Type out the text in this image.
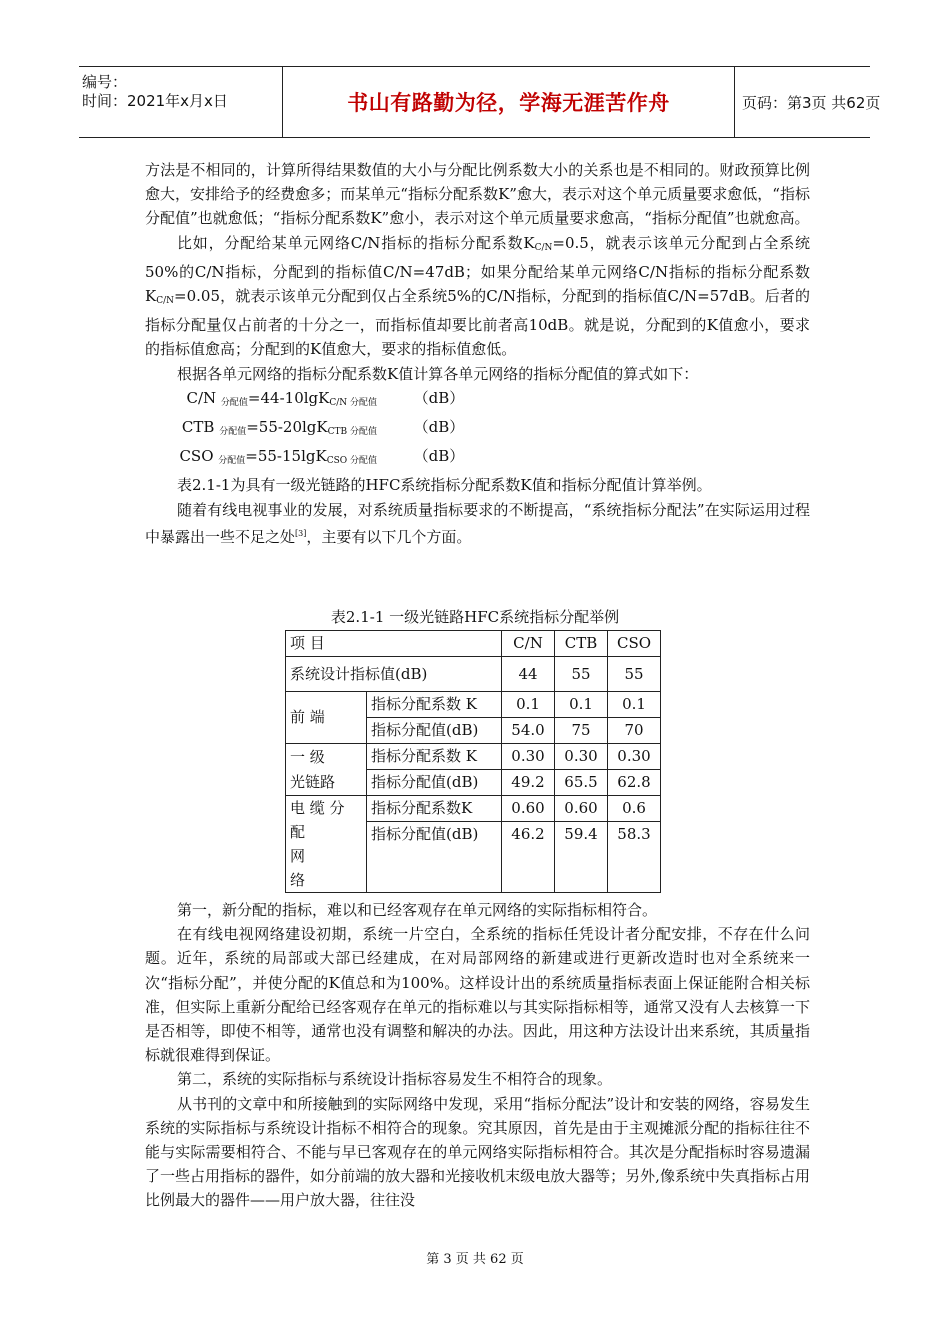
编号：
时间：2021年x月x日	书山有路勤为径，学海无涯苦作舟	页码：第3页 共62页

方法是不相同的，计算所得结果数值的大小与分配比例系数大小的关系也是不相同的。财政预算比例愈大，安排给予的经费愈多；而某单元“指标分配系数K”愈大，表示对这个单元质量要求愈低，“指标分配值”也就愈低；“指标分配系数K”愈小，表示对这个单元质量要求愈高，“指标分配值”也就愈高。

比如，分配给某单元网络C/N指标的指标分配系数$K_{C/N}=0.5$，就表示该单元分配到占全系统50%的C/N指标，分配到的指标值C/N=47dB；如果分配给某单元网络C/N指标的指标分配系数$K_{C/N}=0.05$，就表示该单元分配到仅占全系统5%的C/N指标，分配到的指标值C/N=57dB。后者的指标分配量仅占前者的十分之一，而指标值却要比前者高10dB。就是说，分配到的K值愈小，要求的指标值愈高；分配到的K值愈大，要求的指标值愈低。

根据各单元网络的指标分配系数K值计算各单元网络的指标分配值的算式如下：

C/N 分配值=44-10lgKC/N 分配值	（dB）
CTB 分配值=55-20lgKCTB 分配值	（dB）
CSO 分配值=55-15lgKCSO 分配值	（dB）

表2.1-1为具有一级光链路的HFC系统指标分配系数K值和指标分配值计算举例。

随着有线电视事业的发展，对系统质量指标要求的不断提高，“系统指标分配法”在实际运用过程中暴露出一些不足之处[3]，主要有以下几个方面。

表2.1-1 一级光链路HFC系统指标分配举例
项 目		C/N	CTB	CSO
系统设计指标值(dB)		44	55	55
前 端	指标分配系数 K	0.1	0.1	0.1
	指标分配值(dB)	54.0	75	70

一 级
光链路	指标分配系数 K	0.30	0.30	0.30
	指标分配值(dB)	49.2	65.5	62.8

电 缆 分
配
网
络	指标分配系数K	0.60	0.60	0.6
	指标分配值(dB)	46.2	59.4	58.3

第一，新分配的指标，难以和已经客观存在单元网络的实际指标相符合。

在有线电视网络建设初期，系统一片空白，全系统的指标任凭设计者分配安排，不存在什么问题。近年，系统的局部或大部已经建成，在对局部网络的新建或进行更新改造时也对全系统来一次“指标分配”，并使分配的K值总和为100%。这样设计出的系统质量指标表面上保证能附合相关标准，但实际上重新分配给已经客观存在单元的指标难以与其实际指标相等，通常又没有人去核算一下是否相等，即使不相等，通常也没有调整和解决的办法。因此，用这种方法设计出来系统，其质量指标就很难得到保证。

第二，系统的实际指标与系统设计指标容易发生不相符合的现象。

从书刊的文章中和所接触到的实际网络中发现，采用“指标分配法”设计和安装的网络，容易发生系统的实际指标与系统设计指标不相符合的现象。究其原因，首先是由于主观摊派分配的指标往往不能与实际需要相符合、不能与早已客观存在的单元网络实际指标相符合。其次是分配指标时容易遗漏了一些占用指标的器件，如分前端的放大器和光接收机末级电放大器等；另外,像系统中失真指标占用比例最大的器件——用户放大器，往往没

第 3 页 共 62 页
